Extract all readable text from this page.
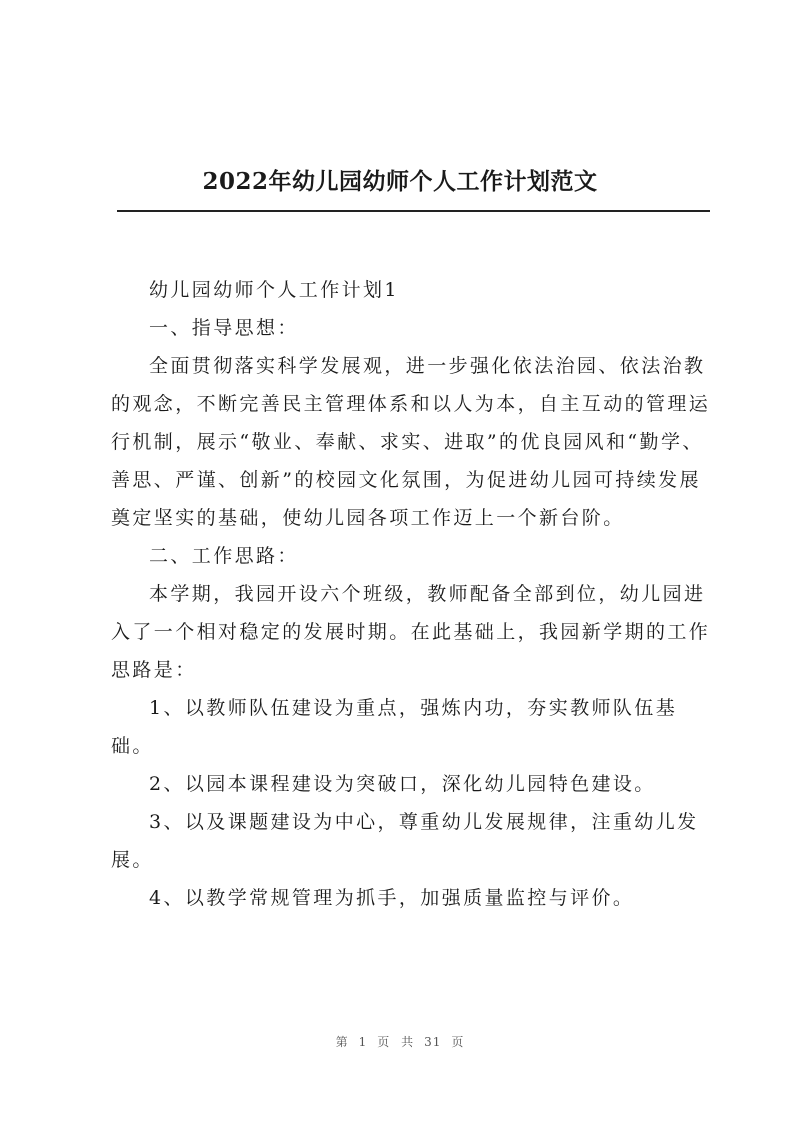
2022年幼儿园幼师个人工作计划范文

幼儿园幼师个人工作计划1

一、指导思想：

全面贯彻落实科学发展观，进一步强化依法治园、依法治教的观念，不断完善民主管理体系和以人为本，自主互动的管理运行机制，展示“敬业、奉献、求实、进取”的优良园风和“勤学、善思、严谨、创新”的校园文化氛围，为促进幼儿园可持续发展奠定坚实的基础，使幼儿园各项工作迈上一个新台阶。

二、工作思路：

本学期，我园开设六个班级，教师配备全部到位，幼儿园进入了一个相对稳定的发展时期。在此基础上，我园新学期的工作思路是：

1、以教师队伍建设为重点，强炼内功，夯实教师队伍基础。

2、以园本课程建设为突破口，深化幼儿园特色建设。

3、以及课题建设为中心，尊重幼儿发展规律，注重幼儿发展。

4、以教学常规管理为抓手，加强质量监控与评价。

第 1 页 共 31 页
